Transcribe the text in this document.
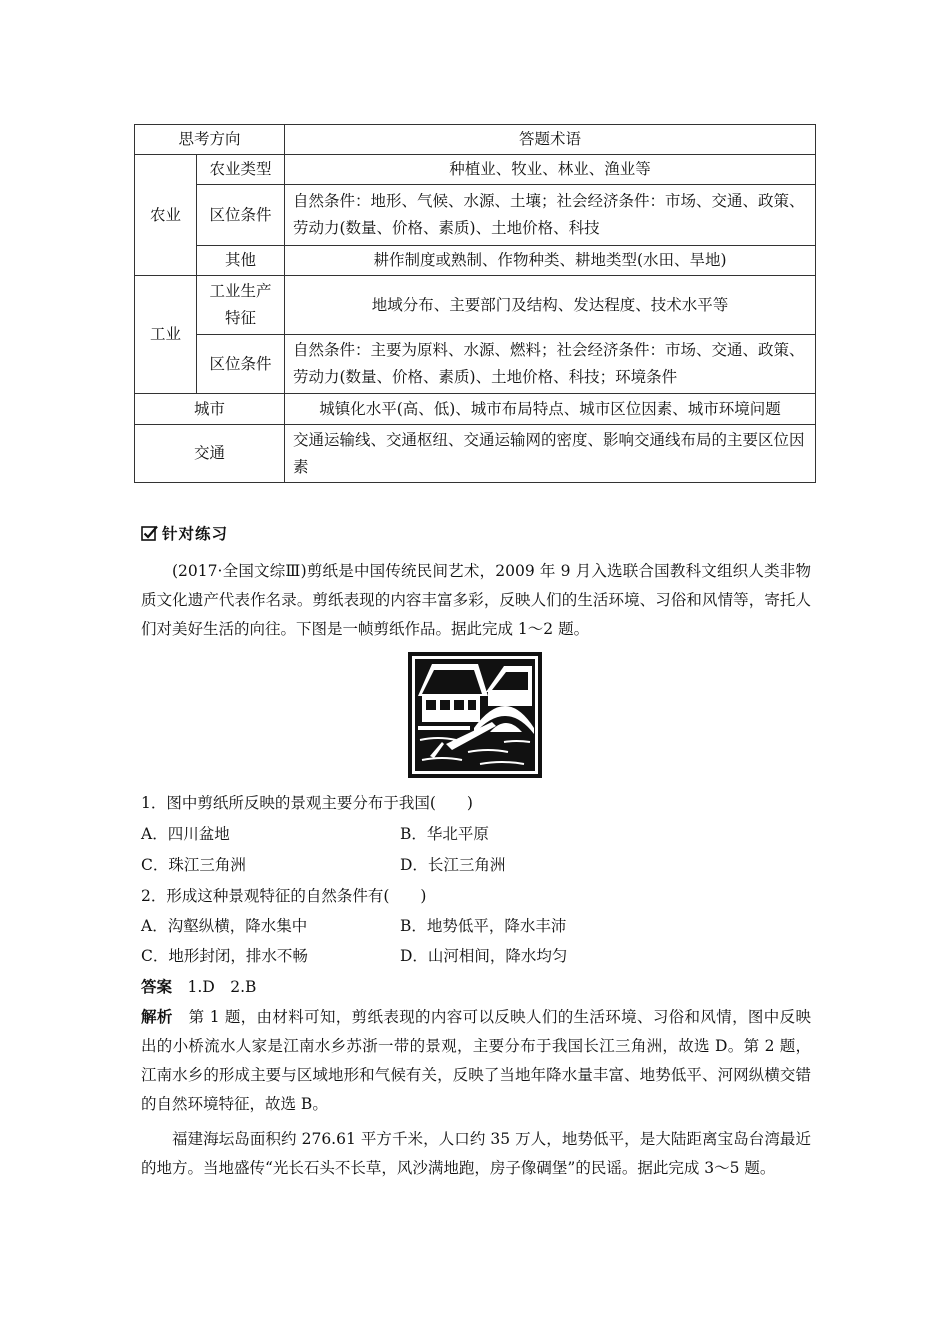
思考方向		答题术语
农业	农业类型	种植业、牧业、林业、渔业等
	区位条件	自然条件：地形、气候、水源、土壤；社会经济条件：市场、交通、政策、劳动力(数量、价格、素质)、土地价格、科技
	其他	耕作制度或熟制、作物种类、耕地类型(水田、旱地)
工业	工业生产特征	地域分布、主要部门及结构、发达程度、技术水平等
	区位条件	自然条件：主要为原料、水源、燃料；社会经济条件：市场、交通、政策、劳动力(数量、价格、素质)、土地价格、科技；环境条件
城市		城镇化水平(高、低)、城市布局特点、城市区位因素、城市环境问题
交通		交通运输线、交通枢纽、交通运输网的密度、影响交通线布局的主要区位因素
针对练习

(2017·全国文综Ⅲ)剪纸是中国传统民间艺术，2009 年 9 月入选联合国教科文组织人类非物质文化遗产代表作名录。剪纸表现的内容丰富多彩，反映人们的生活环境、习俗和风情等，寄托人们对美好生活的向往。下图是一帧剪纸作品。据此完成 1～2 题。

1．图中剪纸所反映的景观主要分布于我国(　　)
A．四川盆地	B．华北平原
C．珠江三角洲	D．长江三角洲
2．形成这种景观特征的自然条件有(　　)
A．沟壑纵横，降水集中	B．地势低平，降水丰沛
C．地形封闭，排水不畅	D．山河相间，降水均匀
答案　 1.D　2.B

解析　 第 1 题，由材料可知，剪纸表现的内容可以反映人们的生活环境、习俗和风情，图中反映出的小桥流水人家是江南水乡苏浙一带的景观，主要分布于我国长江三角洲，故选 D。第 2 题，江南水乡的形成主要与区域地形和气候有关，反映了当地年降水量丰富、地势低平、河网纵横交错的自然环境特征，故选 B。

福建海坛岛面积约 276.61 平方千米，人口约 35 万人，地势低平，是大陆距离宝岛台湾最近的地方。当地盛传“光长石头不长草，风沙满地跑，房子像碉堡”的民谣。据此完成 3～5 题。
